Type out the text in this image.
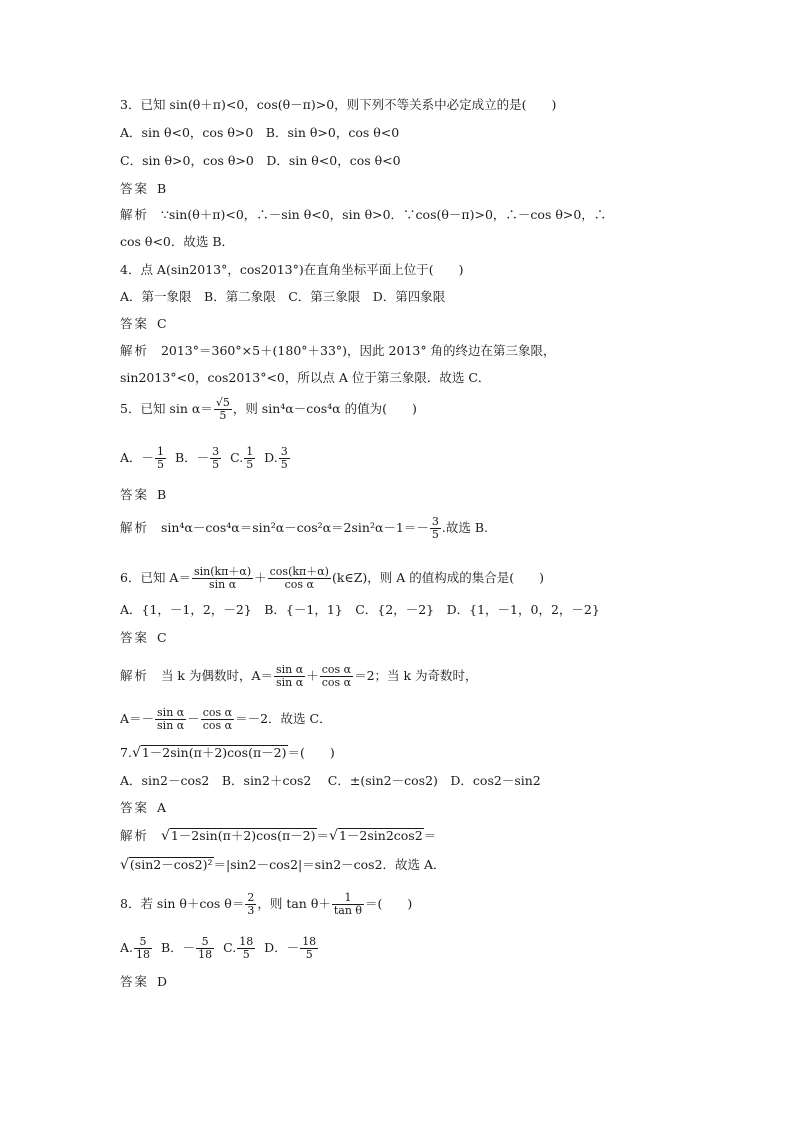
3．已知 sin(θ＋π)<0，cos(θ－π)>0，则下列不等关系中必定成立的是(　　)
A．sin θ<0，cos θ>0　B．sin θ>0，cos θ<0
C．sin θ>0，cos θ>0　D．sin θ<0，cos θ<0
答案 B
解析 ∵sin(θ＋π)<0，∴－sin θ<0，sin θ>0．∵cos(θ－π)>0，∴－cos θ>0，∴
cos θ<0．故选 B．
4．点 A(sin2013°，cos2013°)在直角坐标平面上位于(　　)
A．第一象限　B．第二象限　C．第三象限　D．第四象限
答案 C
解析 2013°＝360°×5＋(180°＋33°)，因此 2013° 角的终边在第三象限，
sin2013°<0，cos2013°<0，所以点 A 位于第三象限．故选 C．
5．已知 $\sin \alpha= \frac{√5}{5}$ ，则 sin⁴α－cos⁴α 的值为(　　)
A．－ $\frac{1}{5}$ B．－ $\frac{3}{5} C$. $\frac{1}{5} D$. $\frac{3}{5}$
答案 B
解析 $\sin^4\alpha-\cos^4\alpha=\sin^2\alpha-\cos^2\alpha=2\sin^2\alpha-1=- \frac{3}{5}$ .故选 B.
6．已知 $A= \frac{\sin(k\pi+\alpha)}{\text{sin α}} + \frac{\cos(k\pi+\alpha)}{\text{cos α}}$ (k∈Z)，则 A 的值构成的集合是(　　)
A．{1，－1，2，－2}　B．{－1，1}　C．{2，－2}　D．{1，－1，0，2，－2}
答案 C
解析 当 k 为偶数时，$A= \frac{\text{sin α}}{\text{sin α}} + \frac{\text{cos α}}{\text{cos α}} =2$；当 k 为奇数时，
$A=- \frac{\text{sin α}}{\text{sin α}} - \frac{\text{cos α}}{\text{cos α}} =-2$．故选 C．
7.√1－2sin(π＋2)cos(π－2)＝(　　)
A．sin2－cos2　B．sin2＋cos2　 C．±(sin2－cos2)　D．cos2－sin2
答案 A
解析 √1－2sin(π＋2)cos(π－2)＝√1－2sin2cos2＝
√(sin2－cos2)²＝|sin2－cos2|＝sin2－cos2．故选 A．
8．若 sin θ＋cos $\theta= \frac{2}{3}$ ，则 $\tan \theta+ \frac{1}{\text{tan θ}}$ ＝(　　)
A. $\frac{5}{18}$ B．－ $\frac{5}{18} C$. $\frac{18}{5}$ D．－ $\frac{18}{5}$
答案 D
